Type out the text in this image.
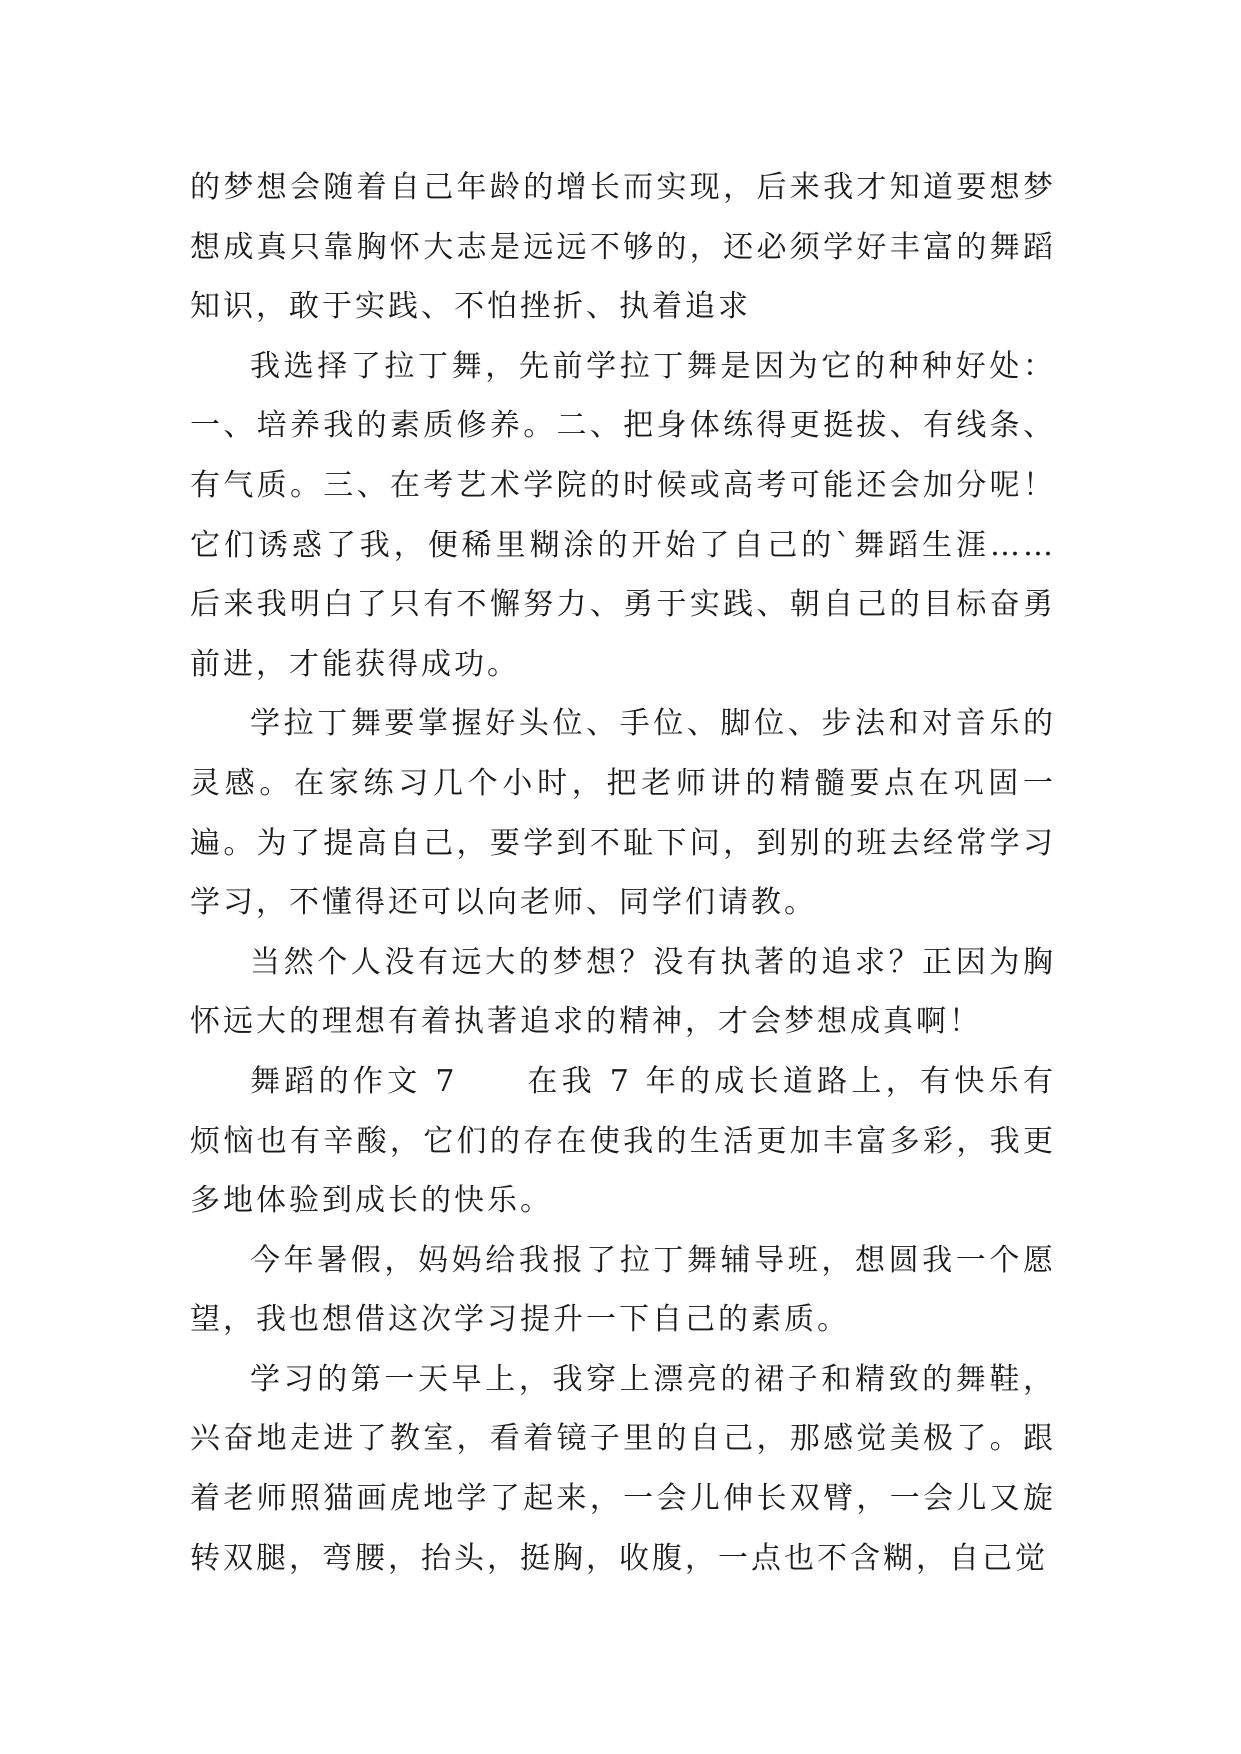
的梦想会随着自己年龄的增长而实现，后来我才知道要想梦想成真只靠胸怀大志是远远不够的，还必须学好丰富的舞蹈知识，敢于实践、不怕挫折、执着追求

我选择了拉丁舞，先前学拉丁舞是因为它的种种好处：一、培养我的素质修养。二、把身体练得更挺拔、有线条、有气质。三、在考艺术学院的时候或高考可能还会加分呢！它们诱惑了我，便稀里糊涂的开始了自己的`舞蹈生涯……后来我明白了只有不懈努力、勇于实践、朝自己的目标奋勇前进，才能获得成功。

学拉丁舞要掌握好头位、手位、脚位、步法和对音乐的灵感。在家练习几个小时，把老师讲的精髓要点在巩固一遍。为了提高自己，要学到不耻下问，到别的班去经常学习学习，不懂得还可以向老师、同学们请教。

当然个人没有远大的梦想？没有执著的追求？正因为胸怀远大的理想有着执著追求的精神，才会梦想成真啊！

舞蹈的作文 7　　在我 7 年的成长道路上，有快乐有烦恼也有辛酸，它们的存在使我的生活更加丰富多彩，我更多地体验到成长的快乐。

今年暑假，妈妈给我报了拉丁舞辅导班，想圆我一个愿望，我也想借这次学习提升一下自己的素质。

学习的第一天早上，我穿上漂亮的裙子和精致的舞鞋，兴奋地走进了教室，看着镜子里的自己，那感觉美极了。跟着老师照猫画虎地学了起来，一会儿伸长双臂，一会儿又旋转双腿，弯腰，抬头，挺胸，收腹，一点也不含糊，自己觉
